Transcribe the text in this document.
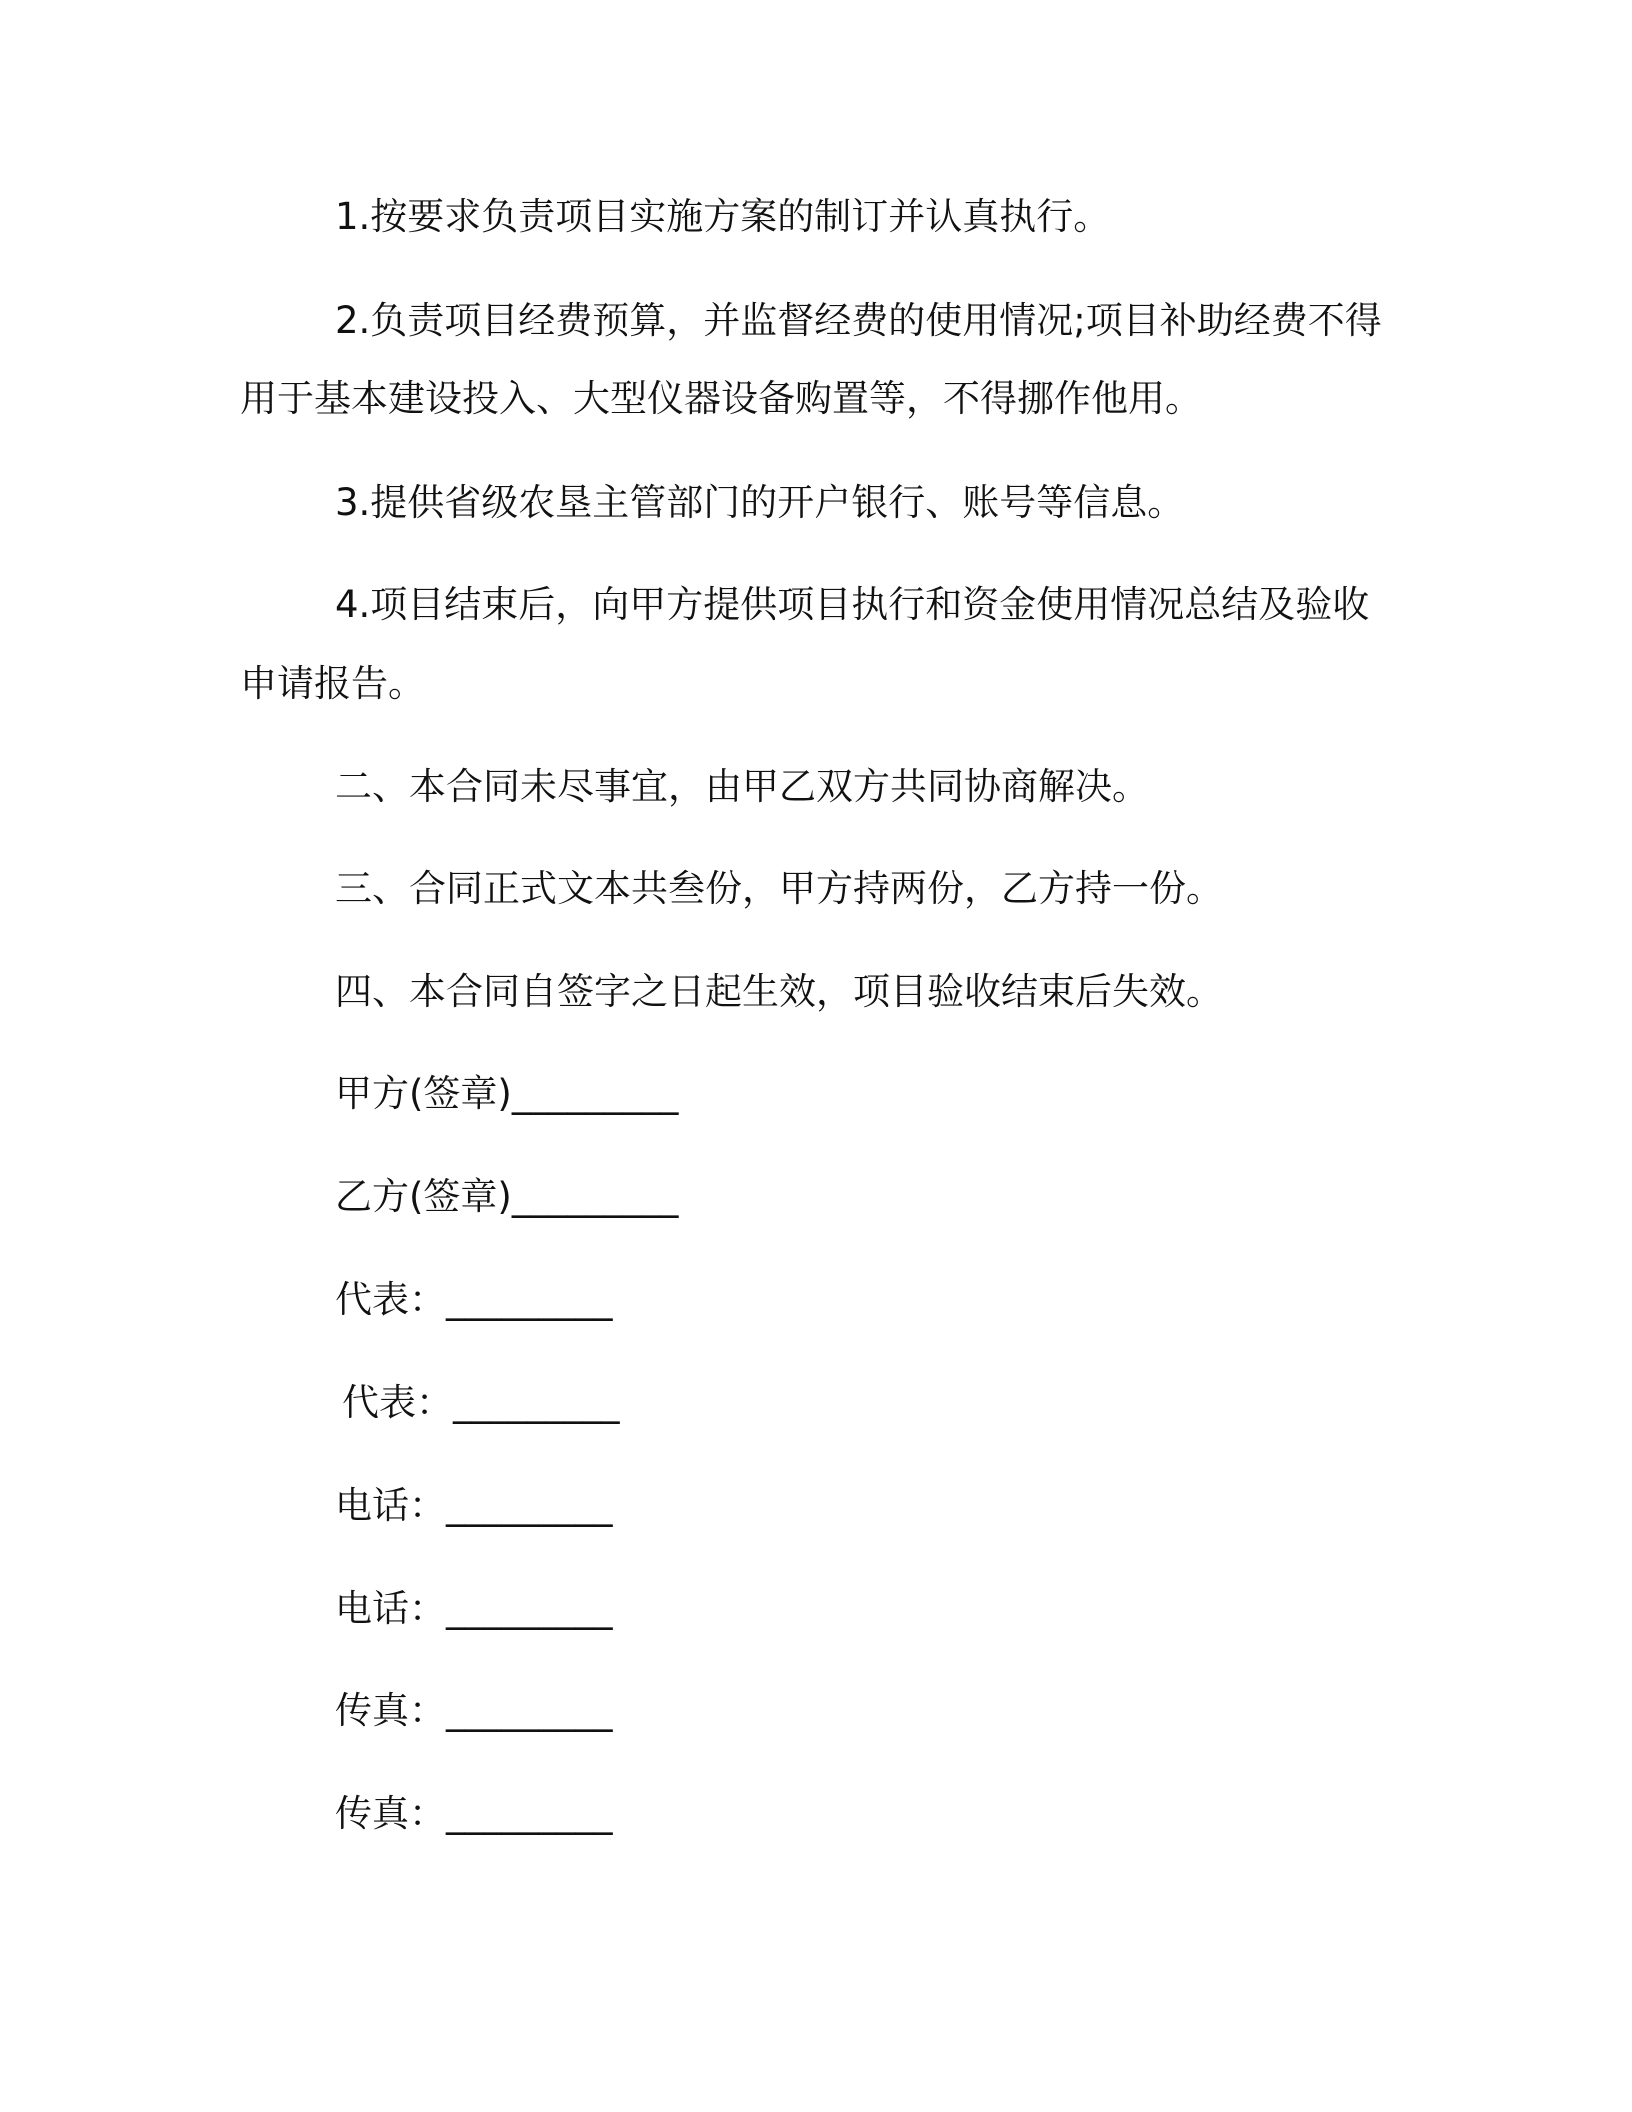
1.按要求负责项目实施方案的制订并认真执行。
2.负责项目经费预算，并监督经费的使用情况;项目补助经费不得
用于基本建设投入、大型仪器设备购置等，不得挪作他用。
3.提供省级农垦主管部门的开户银行、账号等信息。
4.项目结束后，向甲方提供项目执行和资金使用情况总结及验收
申请报告。
二、本合同未尽事宜，由甲乙双方共同协商解决。
三、合同正式文本共叁份，甲方持两份，乙方持一份。
四、本合同自签字之日起生效，项目验收结束后失效。
甲方(签章)_________
乙方(签章)_________
代表：_________
代表：_________
电话：_________
电话：_________
传真：_________
传真：_________
